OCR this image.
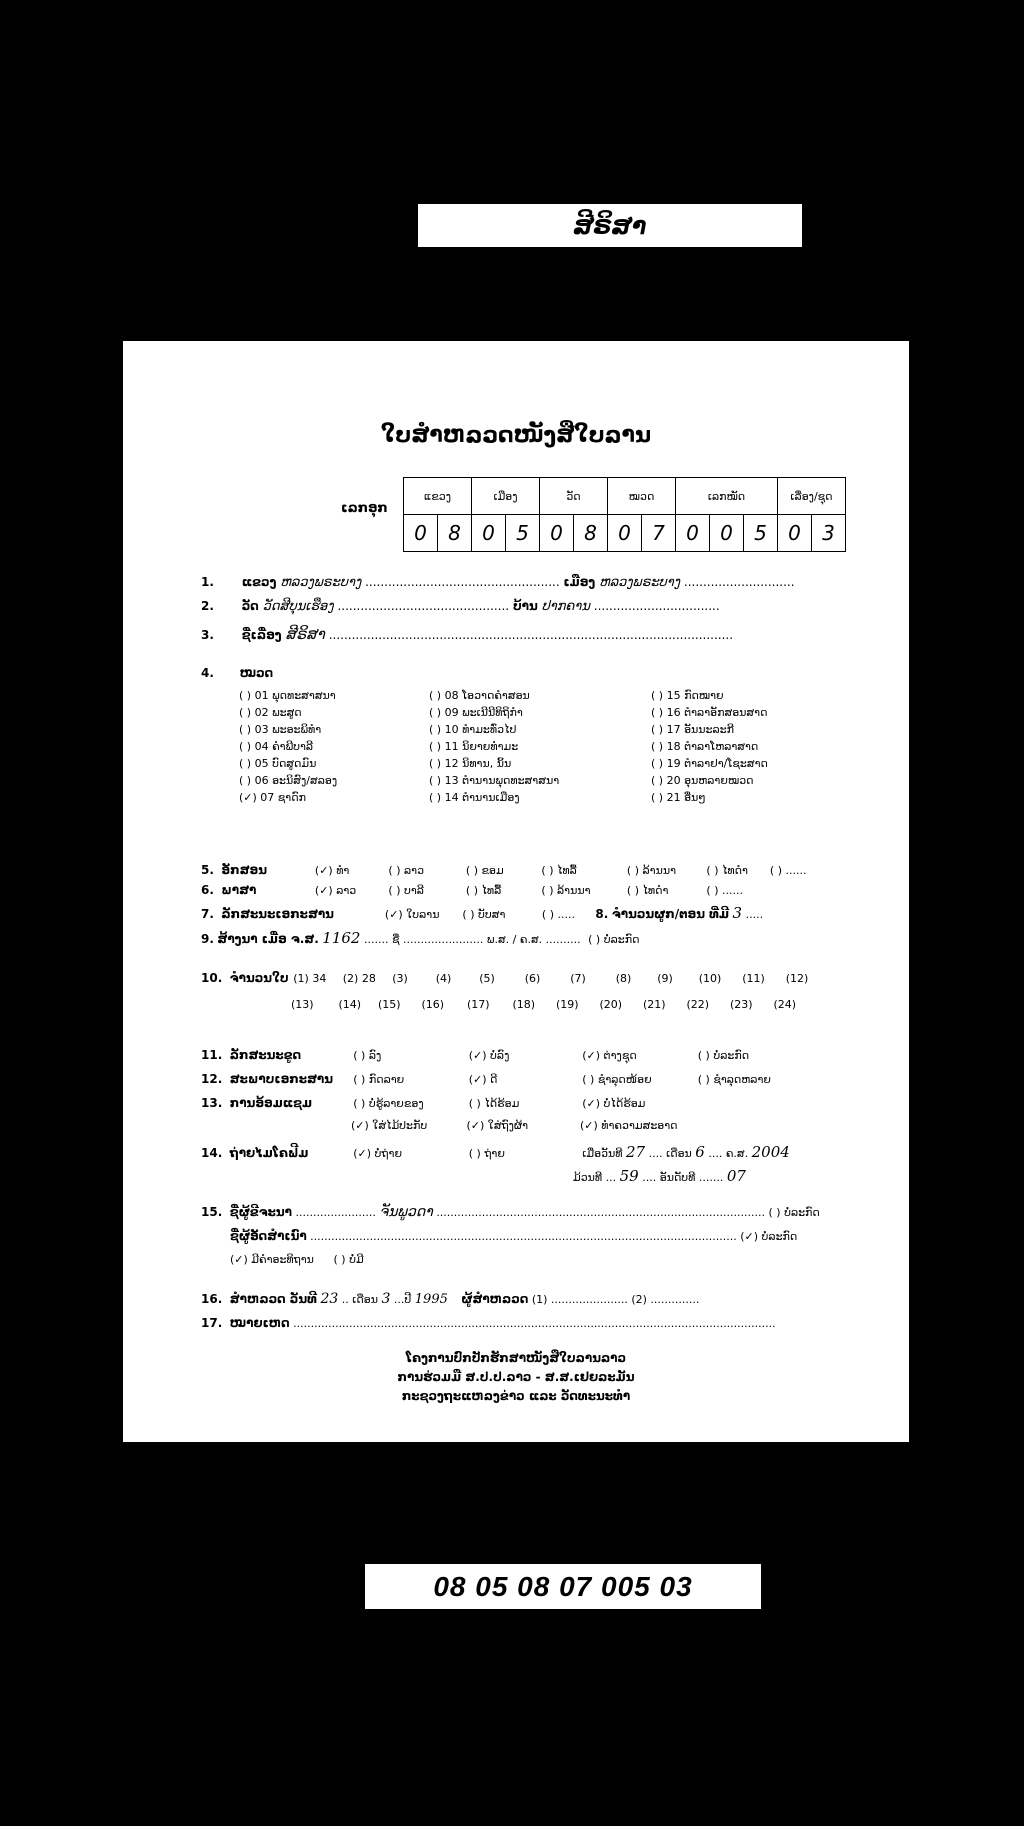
ສີຣິສາ
ໃບສຳຫລວດໜັງສືໃບລານ
ເລກອຸກ
ແຂວງ		ເມືອງ		ວັດ		ໝວດ		ເລກໝັດ			ເລື່ອງ/ຊຸດ	
0	8	0	5	0	8	0	7	0	0	5	0	3
1. ແຂວງ ຫລວງພຣະບາງ ................................................... ເມືອງ ຫລວງພຣະບາງ .............................
2. ວັດ ວັດສີບຸນເຮືອງ ............................................. ບ້ານ ປາກຄານ .................................
3. ຊື່ເລື່ອງ ສີຣິສາ ..........................................................................................................
4. ໝວດ
( ) 01 ພຸດທະສາສນາ	( ) 08 ໂອວາດຄຳສອນ	( ) 15 ກົດໝາຍ
( ) 02 ພະສູດ	( ) 09 ພະເນີນີທິຖິກຳ	( ) 16 ຕຳລາອັກສອນສາດ
( ) 03 ພະອະພິທຳ	( ) 10 ທຳມະທົ່ວໄປ	( ) 17 ອັນນະລະກີ
( ) 04 ຄຳພີບາລີ	( ) 11 ນິຍາຍທຳມະ	( ) 18 ຕຳລາໂຫລາສາດ
( ) 05 ບົດສູດມົນ	( ) 12 ນິທານ, ນິ້ນ	( ) 19 ຕຳລາຢາ/ໂຊະສາດ
( ) 06 ອະນິສົງ/ສລອງ	( ) 13 ຕຳນານພຸດທະສາສນາ	( ) 20 ອຸນຫລາຍໝວດ
(✓) 07 ຊາດົກ	( ) 14 ຕຳນານເມືອງ	( ) 21 ອື່ນໆ
5. ອັກສອນ	(✓) ທຳ	( ) ລາວ	( ) ຂອມ	( ) ໄທລື້	( ) ລ້ານນາ	( ) ໄທດຳ ( ) ......
6. ພາສາ	(✓) ລາວ	( ) ບາລີ	( ) ໄທລື້	( ) ລ້ານນາ	( ) ໄທດຳ	( ) ......
7. ລັກສະນະເອກະສານ	(✓) ໃບລານ ( ) ບັບສາ	( ) ..... 8. ຈຳນວນຜູກ/ຕອນ ທີ່ມີ 3 .....
9. ສ້າງນາ ເມື່ອ ຈ.ສ. 1162 ....... ຊື່ ....................... ພ.ສ. / ຄ.ສ. .......... ( ) ບໍ່ລະກົດ
10. ຈຳນວນໃບ (1) 34 (2) 28 (3)	(4)	(5)	(6)	(7)	(8) (9) (10) (11) (12)
(13) (14) (15) (16) (17) (18) (19) (20) (21) (22) (23) (24)
11. ລັກສະນະຂູດ	( ) ລົງ	(✓) ບໍ່ລົງ	(✓) ຕ່າງຊຸດ	( ) ບໍ່ລະກົດ
12. ສະພາບເອກະສານ ( ) ກົດລາຍ	(✓) ດີ	( ) ຊຳລຸດໜ້ອຍ	( ) ຊຳລຸດຫລາຍ
13. ການອ້ອມແຊມ	( ) ບໍ່ຮູ້ລາຍຂອງ	( ) ໄດ້ຮ້ອມ	(✓) ບໍ່ໄດ້ຮ້ອມ
(✓) ໃສ່ໄມ້ປະກັບ	(✓) ໃສ່ຖົງຜ້າ	(✓) ທຳຄວາມສະອາດ
14. ຖ່າຍໄມໂຄຟີມ	(✓) ບໍ່ຖ່າຍ	( ) ຖ່າຍ	ເມື່ອວັນທີ 27 .... ເດືອນ 6 .... ຄ.ສ. 2004
ມ້ວນທີ ... 59 .... ອັນດັບທີ ....... 07
15. ຊື່ຜູ້ຂີຈະນາ ....................... ຈັນພູວດາ .............................................................................................. ( ) ບໍ່ລະກົດ
ຊື່ຜູ້ອັດສຳເນົາ .......................................................................................................................... (✓) ບໍ່ລະກົດ
(✓) ມີຄຳອະທິຖານ ( ) ບໍ່ມີ
16. ສຳຫລວດ ວັນທີ 23 .. ເດືອນ 3 ...ປີ 1995 ຜູ້ສຳຫລວດ (1) ...................... (2) ..............
17. ໝາຍເຫດ ..........................................................................................................................................
ໂຄງການປົກປັກຮັກສາໜັງສືໃບລານລາວ
ການຮ່ວມມື ສ.ປ.ປ.ລາວ - ສ.ສ.ເຢຍລະມັນ
ກະຊວງຖະແຫລງຂ່າວ ແລະ ວັດທະນະທຳ
08 05 08 07 005 03
